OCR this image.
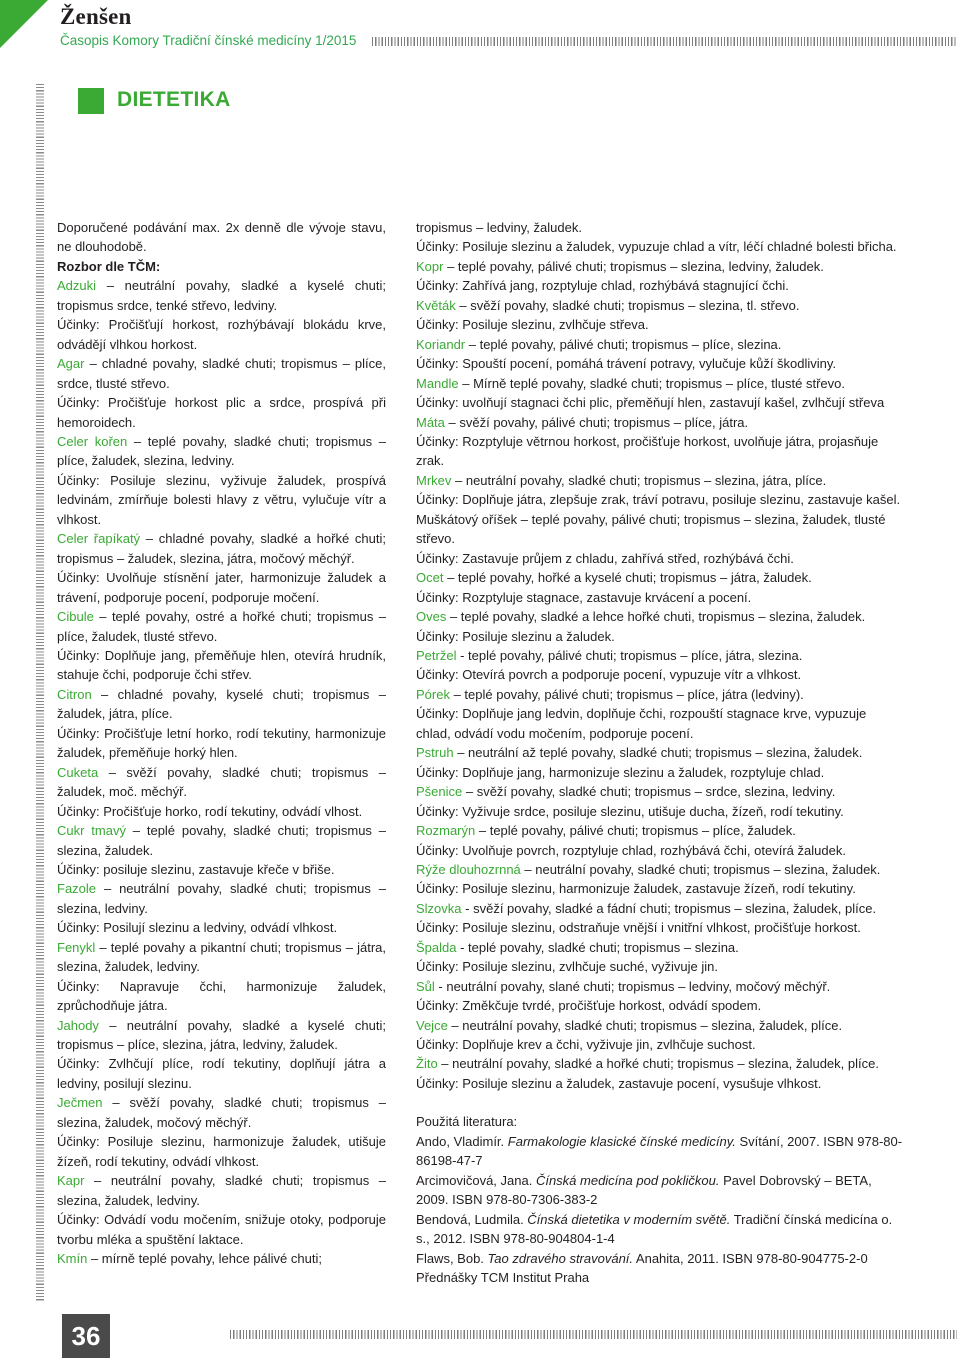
Ženšen
Časopis Komory Tradiční čínské medicíny 1/2015
DIETETIKA

Doporučené podávání max. 2x denně dle vývoje stavu, ne dlouhodobě.

Rozbor dle TČM:

Adzuki – neutrální povahy, sladké a kyselé chuti; tropismus srdce, tenké střevo, ledviny.

Účinky: Pročišťují horkost, rozhýbávají blokádu krve, odvádějí vlhkou horkost.

Agar – chladné povahy, sladké chuti; tropismus – plíce, srdce, tlusté střevo.

Účinky: Pročišťuje horkost plic a srdce, prospívá při hemoroidech.

Celer kořen – teplé povahy, sladké chuti; tropismus – plíce, žaludek, slezina, ledviny.

Účinky: Posiluje slezinu, vyživuje žaludek, prospívá ledvinám, zmírňuje bolesti hlavy z větru, vylučuje vítr a vlhkost.

Celer řapíkatý – chladné povahy, sladké a hořké chuti; tropismus – žaludek, slezina, játra, močový měchýř.

Účinky: Uvolňuje stísnění jater, harmonizuje žaludek a trávení, podporuje pocení, podporuje močení.

Cibule – teplé povahy, ostré a hořké chuti; tropismus – plíce, žaludek, tlusté střevo.

Účinky: Doplňuje jang, přeměňuje hlen, otevírá hrudník, stahuje čchi, podporuje čchi střev.

Citron – chladné povahy, kyselé chuti; tropismus – žaludek, játra, plíce.

Účinky: Pročišťuje letní horko, rodí tekutiny, harmonizuje žaludek, přeměňuje horký hlen.

Cuketa – svěží povahy, sladké chuti; tropismus – žaludek, moč. měchýř.

Účinky: Pročišťuje horko, rodí tekutiny, odvádí vlhost.

Cukr tmavý – teplé povahy, sladké chuti; tropismus – slezina, žaludek.

Účinky: posiluje slezinu, zastavuje křeče v břiše.

Fazole – neutrální povahy, sladké chuti; tropismus – slezina, ledviny.

Účinky: Posilují slezinu a ledviny, odvádí vlhkost.

Fenykl – teplé povahy a pikantní chuti; tropismus – játra, slezina, žaludek, ledviny.

Účinky: Napravuje čchi, harmonizuje žaludek, zprůchodňuje játra.

Jahody – neutrální povahy, sladké a kyselé chuti; tropismus – plíce, slezina, játra, ledviny, žaludek.

Účinky: Zvlhčují plíce, rodí tekutiny, doplňují játra a ledviny, posilují slezinu.

Ječmen – svěží povahy, sladké chuti; tropismus – slezina, žaludek, močový měchýř.

Účinky: Posiluje slezinu, harmonizuje žaludek, utišuje žízeň, rodí tekutiny, odvádí vlhkost.

Kapr – neutrální povahy, sladké chuti; tropismus – slezina, žaludek, ledviny.

Účinky: Odvádí vodu močením, snižuje otoky, podporuje tvorbu mléka a spuštění laktace.

Kmín – mírně teplé povahy, lehce pálivé chuti;

tropismus – ledviny, žaludek.

Účinky: Posiluje slezinu a žaludek, vypuzuje chlad a vítr, léčí chladné bolesti břicha.

Kopr – teplé povahy, pálivé chuti; tropismus – slezina, ledviny, žaludek.

Účinky: Zahřívá jang, rozptyluje chlad, rozhýbává stagnující čchi.

Květák – svěží povahy, sladké chuti; tropismus – slezina, tl. střevo.

Účinky: Posiluje slezinu, zvlhčuje střeva.

Koriandr – teplé povahy, pálivé chuti; tropismus – plíce, slezina.

Účinky: Spouští pocení, pomáhá trávení potravy, vylučuje kůží škodliviny.

Mandle – Mírně teplé povahy, sladké chuti; tropismus – plíce, tlusté střevo.

Účinky: uvolňují stagnaci čchi plic, přeměňují hlen, zastavují kašel, zvlhčují střeva

Máta – svěží povahy, pálivé chuti; tropismus – plíce, játra.

Účinky: Rozptyluje větrnou horkost, pročišťuje horkost, uvolňuje játra, projasňuje zrak.

Mrkev – neutrální povahy, sladké chuti; tropismus – slezina, játra, plíce.

Účinky: Doplňuje játra, zlepšuje zrak, tráví potravu, posiluje slezinu, zastavuje kašel.

Muškátový oříšek – teplé povahy, pálivé chuti; tropismus – slezina, žaludek, tlusté střevo.

Účinky: Zastavuje průjem z chladu, zahřívá střed, rozhýbává čchi.

Ocet – teplé povahy, hořké a kyselé chuti; tropismus – játra, žaludek.

Účinky: Rozptyluje stagnace, zastavuje krvácení a pocení.

Oves – teplé povahy, sladké a lehce hořké chuti, tropismus – slezina, žaludek.

Účinky: Posiluje slezinu a žaludek.

Petržel - teplé povahy, pálivé chuti; tropismus – plíce, játra, slezina.

Účinky: Otevírá povrch a podporuje pocení, vypuzuje vítr a vlhkost.

Pórek – teplé povahy, pálivé chuti; tropismus – plíce, játra (ledviny).

Účinky: Doplňuje jang ledvin, doplňuje čchi, rozpouští stagnace krve, vypuzuje chlad, odvádí vodu močením, podporuje pocení.

Pstruh – neutrální až teplé povahy, sladké chuti; tropismus – slezina, žaludek.

Účinky: Doplňuje jang, harmonizuje slezinu a žaludek, rozptyluje chlad.

Pšenice – svěží povahy, sladké chuti; tropismus – srdce, slezina, ledviny.

Účinky: Vyživuje srdce, posiluje slezinu, utišuje ducha, žízeň, rodí tekutiny.

Rozmarýn – teplé povahy, pálivé chuti; tropismus – plíce, žaludek.

Účinky: Uvolňuje povrch, rozptyluje chlad, rozhýbává čchi, otevírá žaludek.

Rýže dlouhozrnná – neutrální povahy, sladké chuti; tropismus – slezina, žaludek.

Účinky: Posiluje slezinu, harmonizuje žaludek, zastavuje žízeň, rodí tekutiny.

Slzovka - svěží povahy, sladké a fádní chuti; tropismus – slezina, žaludek, plíce.

Účinky: Posiluje slezinu, odstraňuje vnější i vnitřní vlhkost, pročišťuje horkost.

Špalda - teplé povahy, sladké chuti; tropismus – slezina.

Účinky: Posiluje slezinu, zvlhčuje suché, vyživuje jin.

Sůl - neutrální povahy, slané chuti; tropismus – ledviny, močový měchýř.

Účinky: Změkčuje tvrdé, pročišťuje horkost, odvádí spodem.

Vejce – neutrální povahy, sladké chuti; tropismus – slezina, žaludek, plíce.

Účinky: Doplňuje krev a čchi, vyživuje jin, zvlhčuje suchost.

Žito – neutrální povahy, sladké a hořké chuti; tropismus – slezina, žaludek, plíce.

Účinky: Posiluje slezinu a žaludek, zastavuje pocení, vysušuje vlhkost.

Použitá literatura:

Ando, Vladimír. Farmakologie klasické čínské medicíny. Svítání, 2007. ISBN 978-80-86198-47-7

Arcimovičová, Jana. Čínská medicína pod pokličkou. Pavel Dobrovský – BETA, 2009. ISBN 978-80-7306-383-2

Bendová, Ludmila. Čínská dietetika v moderním světě. Tradiční čínská medicína o. s., 2012. ISBN 978-80-904804-1-4

Flaws, Bob. Tao zdravého stravování. Anahita, 2011. ISBN 978-80-904775-2-0

Přednášky TCM Institut Praha

36
